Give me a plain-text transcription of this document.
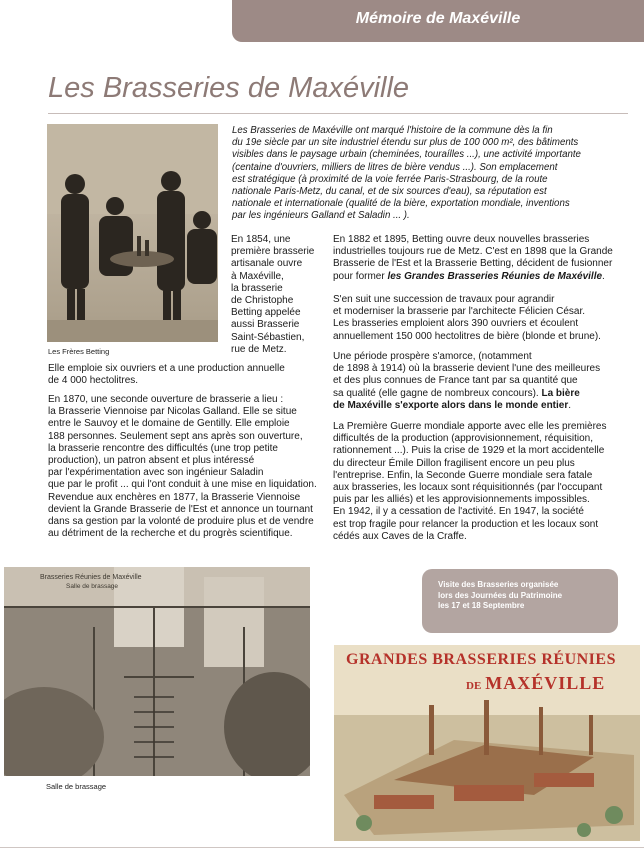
Mémoire de Maxéville
Les Brasseries de Maxéville
Les Frères Betting
Les Brasseries de Maxéville ont marqué l'histoire de la commune dès la fin
du 19e siècle par un site industriel étendu sur plus de 100 000 m², des bâtiments
visibles dans le paysage urbain (cheminées, touraílles ...), une activité importante
(centaine d'ouvriers, milliers de litres de bière vendus ...). Son emplacement
est stratégique (à proximité de la voie ferrée Paris-Strasbourg, de la route
nationale Paris-Metz, du canal, et de six sources d'eau), sa réputation est
nationale et internationale (qualité de la bière, exportation mondiale, inventions
par les ingénieurs Galland et Saladin ... ).
En 1854, une
première brasserie
artisanale ouvre
à Maxéville,
la brasserie
de Christophe
Betting appelée
aussi Brasserie
Saint-Sébastien,
rue de Metz.
Elle emploie six ouvriers et a une production annuelle
de 4 000 hectolitres.
En 1870, une seconde ouverture de brasserie a lieu :
la Brasserie Viennoise par Nicolas Galland. Elle se situe
entre le Sauvoy et le domaine de Gentilly. Elle emploie
188 personnes. Seulement sept ans après son ouverture,
la brasserie rencontre des difficultés (une trop petite
production), un patron absent et plus intéressé
par l'expérimentation avec son ingénieur Saladin
que par le profit ... qui l'ont conduit à une mise en liquidation.
Revendue aux enchères en 1877, la Brasserie Viennoise
devient la Grande Brasserie de l'Est et annonce un tournant
dans sa gestion par la volonté de produire plus et de vendre
au détriment de la recherche et du progrès scientifique.
En 1882 et 1895, Betting ouvre deux nouvelles brasseries
industrielles toujours rue de Metz. C'est en 1898 que la Grande
Brasserie de l'Est et la Brasserie Betting, décident de fusionner
pour former les Grandes Brasseries Réunies de Maxéville.
S'en suit une succession de travaux pour agrandir
et moderniser la brasserie par l'architecte Félicien César.
Les brasseries emploient alors 390 ouvriers et écoulent
annuellement 150 000 hectolitres de bière (blonde et brune).
Une période prospère s'amorce, (notamment
de 1898 à 1914) où la brasserie devient l'une des meilleures
et des plus connues de France tant par sa quantité que
sa qualité (elle gagne de nombreux concours). La bière
de Maxéville s'exporte alors dans le monde entier.
La Première Guerre mondiale apporte avec elle les premières
difficultés de la production (approvisionnement, réquisition,
rationnement ...). Puis la crise de 1929 et la mort accidentelle
du directeur Émile Dillon fragilisent encore un peu plus
l'entreprise. Enfin, la Seconde Guerre mondiale sera fatale
aux brasseries, les locaux sont réquisitionnés (par l'occupant
puis par les alliés) et les approvisionnements impossibles.
En 1942, il y a cessation de l'activité. En 1947, la société
est trop fragile pour relancer la production et les locaux sont
cédés aux Caves de la Craffe.
Brasseries Réunies de Maxéville
Salle de brassage
Salle de brassage
Visite des Brasseries organisée
lors des Journées du Patrimoine
les 17 et 18 Septembre
GRANDES BRASSERIES RÉUNIES
DE MAXÉVILLE
